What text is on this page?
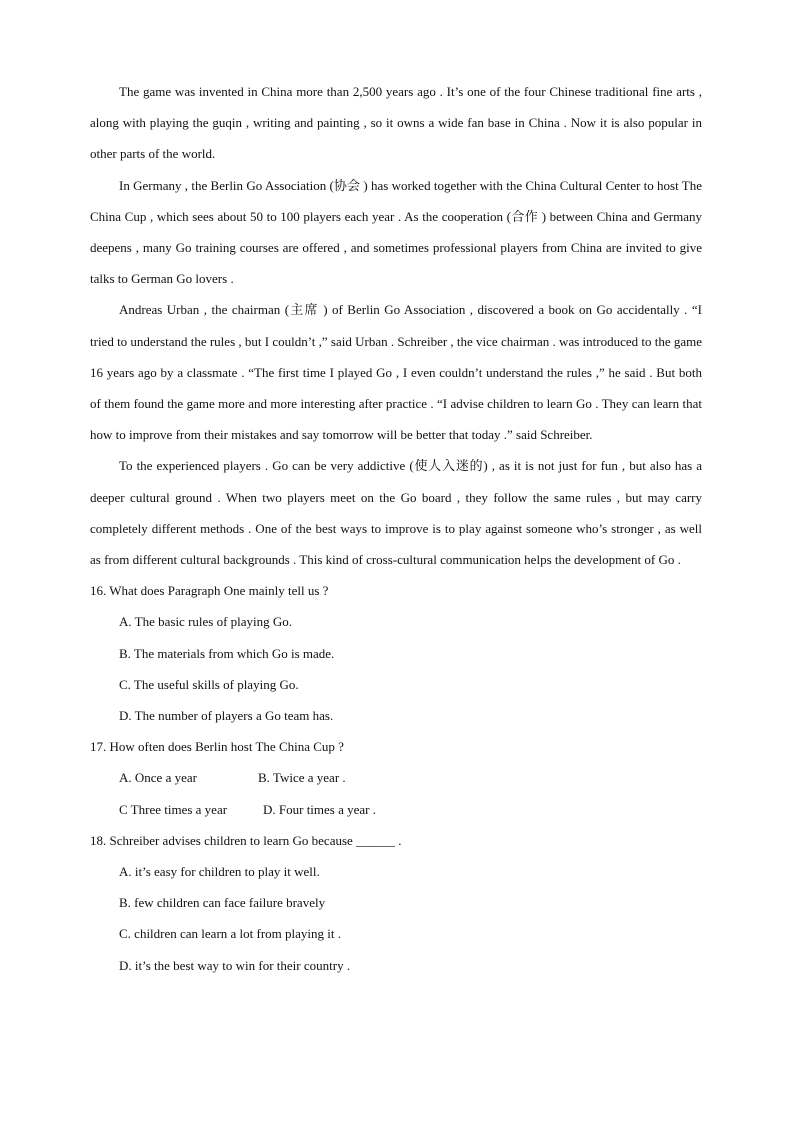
The game was invented in China more than 2,500 years ago . It’s one of the four Chinese traditional fine arts , along with playing the guqin , writing and painting , so it owns a wide fan base in China . Now it is also popular in other parts of the world.

In Germany , the Berlin Go Association (协会 ) has worked together with the China Cultural Center to host The China Cup , which sees about 50 to 100 players each year . As the cooperation (合作 ) between China and Germany deepens , many Go training courses are offered , and sometimes professional players from China are invited to give talks to German Go lovers .

Andreas Urban , the chairman (主席 ) of Berlin Go Association , discovered a book on Go accidentally . “I tried to understand the rules , but I couldn’t ,” said Urban . Schreiber , the vice chairman . was introduced to the game 16 years ago by a classmate . “The first time I played Go , I even couldn’t understand the rules ,” he said . But both of them found the game more and more interesting after practice . “I advise children to learn Go . They can learn that how to improve from their mistakes and say tomorrow will be better that today .” said Schreiber.

To the experienced players . Go can be very addictive (使人入迷的) , as it is not just for fun , but also has a deeper cultural ground . When two players meet on the Go board , they follow the same rules , but may carry completely different methods . One of the best ways to improve is to play against someone who’s stronger , as well as from different cultural backgrounds . This kind of cross-cultural communication helps the development of Go .

16. What does Paragraph One mainly tell us ?

A. The basic rules of playing Go.

B. The materials from which Go is made.

C. The useful skills of playing Go.

D. The number of players a Go team has.

17. How often does Berlin host The China Cup ?

A. Once a year	B. Twice a year .
C Three times a year	D. Four times a year .

18. Schreiber advises children to learn Go because ______ .

A. it’s easy for children to play it well.

B. few children can face failure bravely

C. children can learn a lot from playing it .

D. it’s the best way to win for their country .
